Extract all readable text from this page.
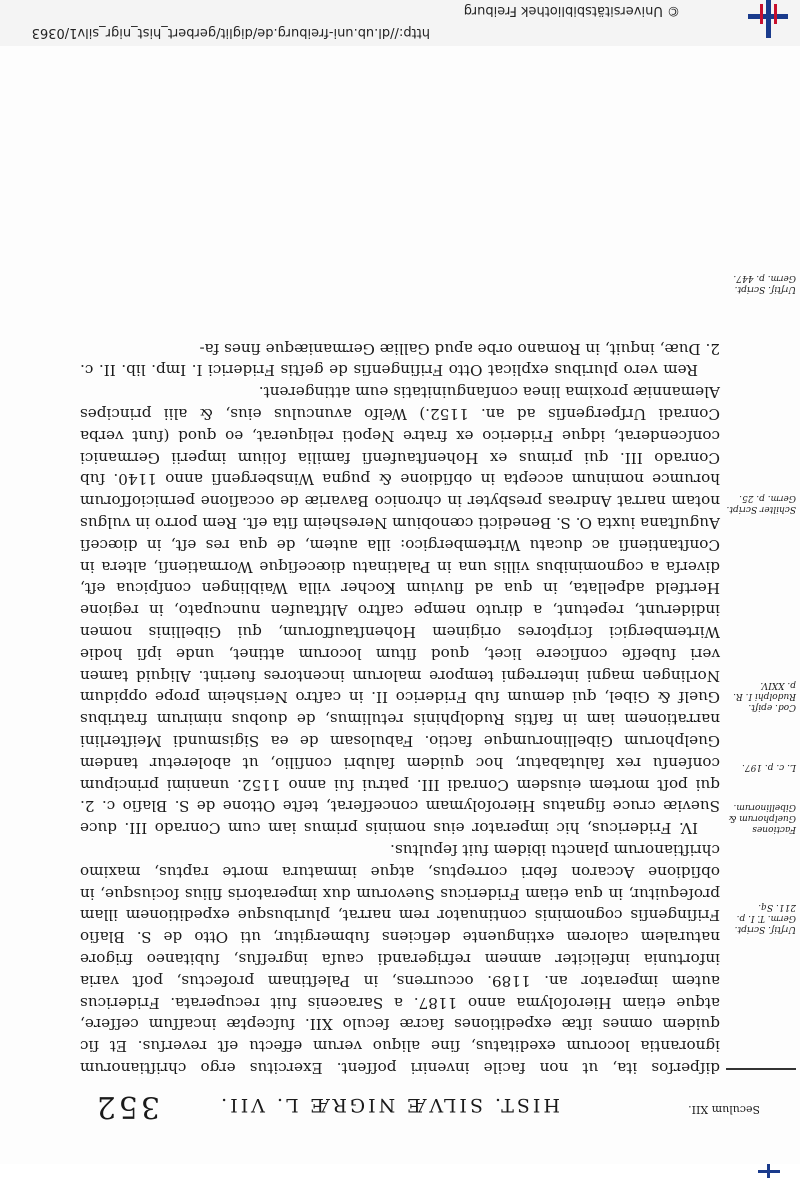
© Universitätsbibliothek Freiburg
http://dl.ub.uni-freiburg.de/diglit/gerbert_hist_nigr_silv1/0363
Seculum XII.
HIST. SILVÆ NIGRÆ L. VII.
352
Urſtiſ. Script. Germ. T. I. p. 211. Sq.
Factiones Guelphorum & Gibellinorum.
L. c. p. 197.
Cod. epiſt. Rudolphi I. R. p. XXIV.
Schilter Script. Germ. p. 25.
Urſtiſ. Script. Germ. p. 447.

diſperſos ita, ut non facile inveniri poſſent. Exercitus ergo chriſtianorum ignorantia locorum exeditatus, ſine aliquo verum effectu eſt reverſus. Et ſic quidem omnes iſtæ expeditiones ſacræ ſeculo XII. ſuſceptæ incaſſum ceſſere, atque etiam Hieroſolyma anno 1187. a Saracenis fuit recuperata. Fridericus autem imperator an. 1189. occurrens, in Paleſtinam profectus, poſt varia infortunia infeliciter amnem refrigerandi cauſa ingreſſus, ſubitaneo frigore naturalem calorem extinguente deficiens ſubmergitur, uti Otto de S. Blaſio Friſingenſis cognominis continuator rem narrat, pluribusque expeditionem illam proſequitur, in qua etiam Fridericus Suevorum dux imperatoris filius ſociusque, in obſidione Accaron febri correptus, atque immatura morte raptus, maximo chriſtianorum planctu ibidem fuit ſepultus.

IV. Fridericus, hic imperator eius nominis primus iam cum Conrado III. duce Sueviæ cruce ſignatus Hieroſolymam conceſſerat, teſte Ottone de S. Blaſio c. 2. qui poſt mortem eiusdem Conradi III. patrui ſui anno 1152. unanimi principum conſenſu rex ſalutabatur, hoc quidem ſalubri conſilio, ut aboleretur tandem Guelphorum Gibellinorumque factio. Fabulosam de ea Sigismundi Meiſterlini narrationem iam in faſtis Rudolphinis retulimus, de duobus nimirum fratribus Guelf & Gibel, qui demum ſub Friderico II. in caſtro Nerisheim prope oppidum Norlingen magni interregni tempore malorum incentores fuerint. Aliquid tamen veri ſubeſſe conſicere licet, quod ſitum locorum attinet, unde ipſi hodie Wirtembergici ſcriptores originem Hohenſtaufforum, qui Gibellinis nomen indiderunt, repetunt, a diruto nempe caſtro Altſtaufen nuncupato, in regione Hertfeld adpellata, in qua ad fluvium Kocher villa Waiblingen conſpicua eſt, diverſa a cognominibus villis una in Palatinatu diœceſique Wormatienſi, altera in Conſtantienſi ac ducatu Wirtembergico: illa autem, de qua res eſt, in diœceſi Auguſtana iuxta O. S. Benedicti cœnobium Neresheim ſita eſt. Rem porro in vulgus notam narrat Andreas presbyter in chronico Bavariæ de occaſione perniciofſorum horumce nominum accepta in obſidione & pugna Winsbergenſi anno 1140. ſub Conrado III. qui primus ex Hohenſtaufenſi familia ſolium imperii Germanici conſcenderat, idque Friderico ex fratre Nepoti reliquerat, eo quod (ſunt verba Conradi Urſpergenſis ad an. 1152.) Welfo avunculus eius, & alii principes Alemanniæ proxima linea conſanguinitatis eum attingerent.

Rem vero pluribus explicat Otto Friſingenſis de geſtis Friderici I. Imp. lib. II. c. 2. Duæ, inquit, in Romano orbe apud Galliæ Germaniæque fines fa-
